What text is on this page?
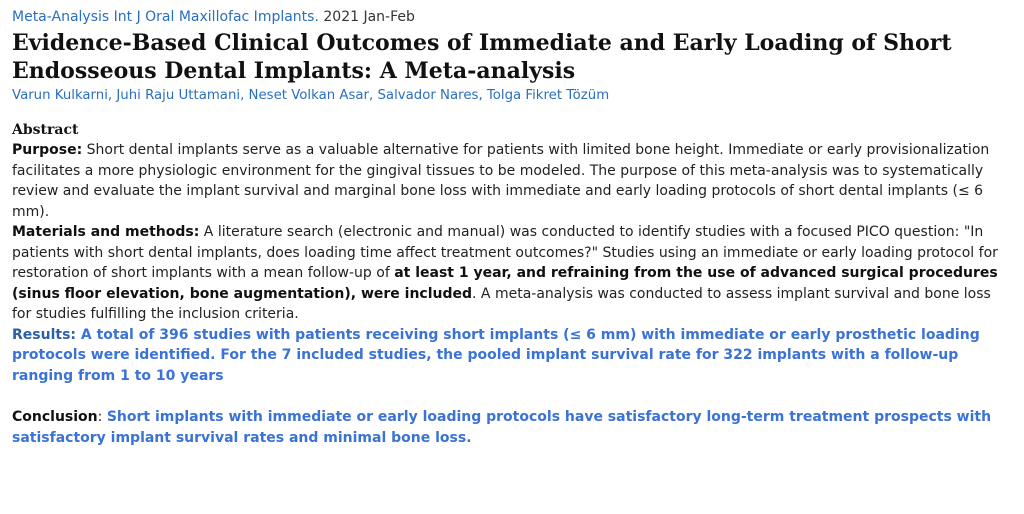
Meta-Analysis Int J Oral Maxillofac Implants. 2021 Jan-Feb
Evidence-Based Clinical Outcomes of Immediate and Early Loading of Short Endosseous Dental Implants: A Meta-analysis
Varun Kulkarni, Juhi Raju Uttamani, Neset Volkan Asar, Salvador Nares, Tolga Fikret Tözüm
Abstract

Purpose: Short dental implants serve as a valuable alternative for patients with limited bone height. Immediate or early provisionalization facilitates a more physiologic environment for the gingival tissues to be modeled. The purpose of this meta-analysis was to systematically review and evaluate the implant survival and marginal bone loss with immediate and early loading protocols of short dental implants (≤ 6 mm).

Materials and methods: A literature search (electronic and manual) was conducted to identify studies with a focused PICO question: "In patients with short dental implants, does loading time affect treatment outcomes?" Studies using an immediate or early loading protocol for restoration of short implants with a mean follow-up of at least 1 year, and refraining from the use of advanced surgical procedures (sinus floor elevation, bone augmentation), were included. A meta-analysis was conducted to assess implant survival and bone loss for studies fulfilling the inclusion criteria.

Results: A total of 396 studies with patients receiving short implants (≤ 6 mm) with immediate or early prosthetic loading protocols were identified. For the 7 included studies, the pooled implant survival rate for 322 implants with a follow-up ranging from 1 to 10 years

Conclusion: Short implants with immediate or early loading protocols have satisfactory long-term treatment prospects with satisfactory implant survival rates and minimal bone loss.
